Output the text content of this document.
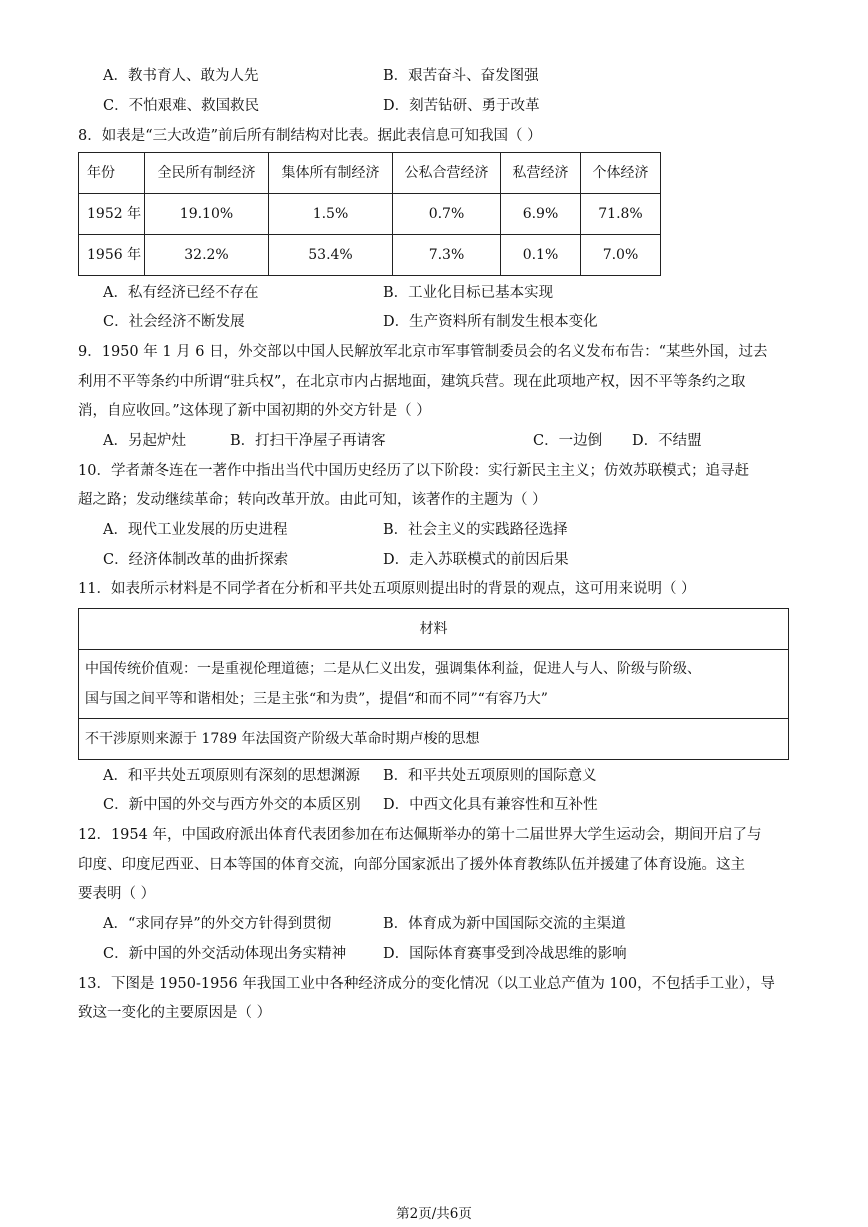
A．教书育人、敢为人先	B．艰苦奋斗、奋发图强
C．不怕艰难、救国救民	D．刻苦钻研、勇于改革
8．如表是“三大改造”前后所有制结构对比表。据此表信息可知我国（ ）
年份	全民所有制经济	集体所有制经济	公私合营经济	私营经济	个体经济
1952 年	19.10%	1.5%	0.7%	6.9%	71.8%
1956 年	32.2%	53.4%	7.3%	0.1%	7.0%
A．私有经济已经不存在	B．工业化目标已基本实现
C．社会经济不断发展	D．生产资料所有制发生根本变化
9．1950 年 1 月 6 日，外交部以中国人民解放军北京市军事管制委员会的名义发布布告：“某些外国，过去
利用不平等条约中所谓“驻兵权”，在北京市内占据地面，建筑兵营。现在此项地产权，因不平等条约之取
消，自应收回。”这体现了新中国初期的外交方针是（ ）
A．另起炉灶	B．打扫干净屋子再请客	C．一边倒 D．不结盟
10．学者萧冬连在一著作中指出当代中国历史经历了以下阶段：实行新民主主义；仿效苏联模式；追寻赶
超之路；发动继续革命；转向改革开放。由此可知，该著作的主题为（ ）
A．现代工业发展的历史进程	B．社会主义的实践路径选择
C．经济体制改革的曲折探索	D．走入苏联模式的前因后果
11．如表所示材料是不同学者在分析和平共处五项原则提出时的背景的观点，这可用来说明（ ）
材料

中国传统价值观：一是重视伦理道德；二是从仁义出发，强调集体利益，促进人与人、阶级与阶级、
国与国之间平等和谐相处；三是主张“和为贵”，提倡“和而不同”“有容乃大”

不干涉原则来源于 1789 年法国资产阶级大革命时期卢梭的思想
A．和平共处五项原则有深刻的思想渊源 B．和平共处五项原则的国际意义
C．新中国的外交与西方外交的本质区别 D．中西文化具有兼容性和互补性
12．1954 年，中国政府派出体育代表团参加在布达佩斯举办的第十二届世界大学生运动会，期间开启了与
印度、印度尼西亚、日本等国的体育交流，向部分国家派出了援外体育教练队伍并援建了体育设施。这主
要表明（ ）
A．“求同存异”的外交方针得到贯彻	B．体育成为新中国国际交流的主渠道
C．新中国的外交活动体现出务实精神	D．国际体育赛事受到冷战思维的影响
13．下图是 1950-1956 年我国工业中各种经济成分的变化情况（以工业总产值为 100，不包括手工业），导
致这一变化的主要原因是（ ）
第2页/共6页
